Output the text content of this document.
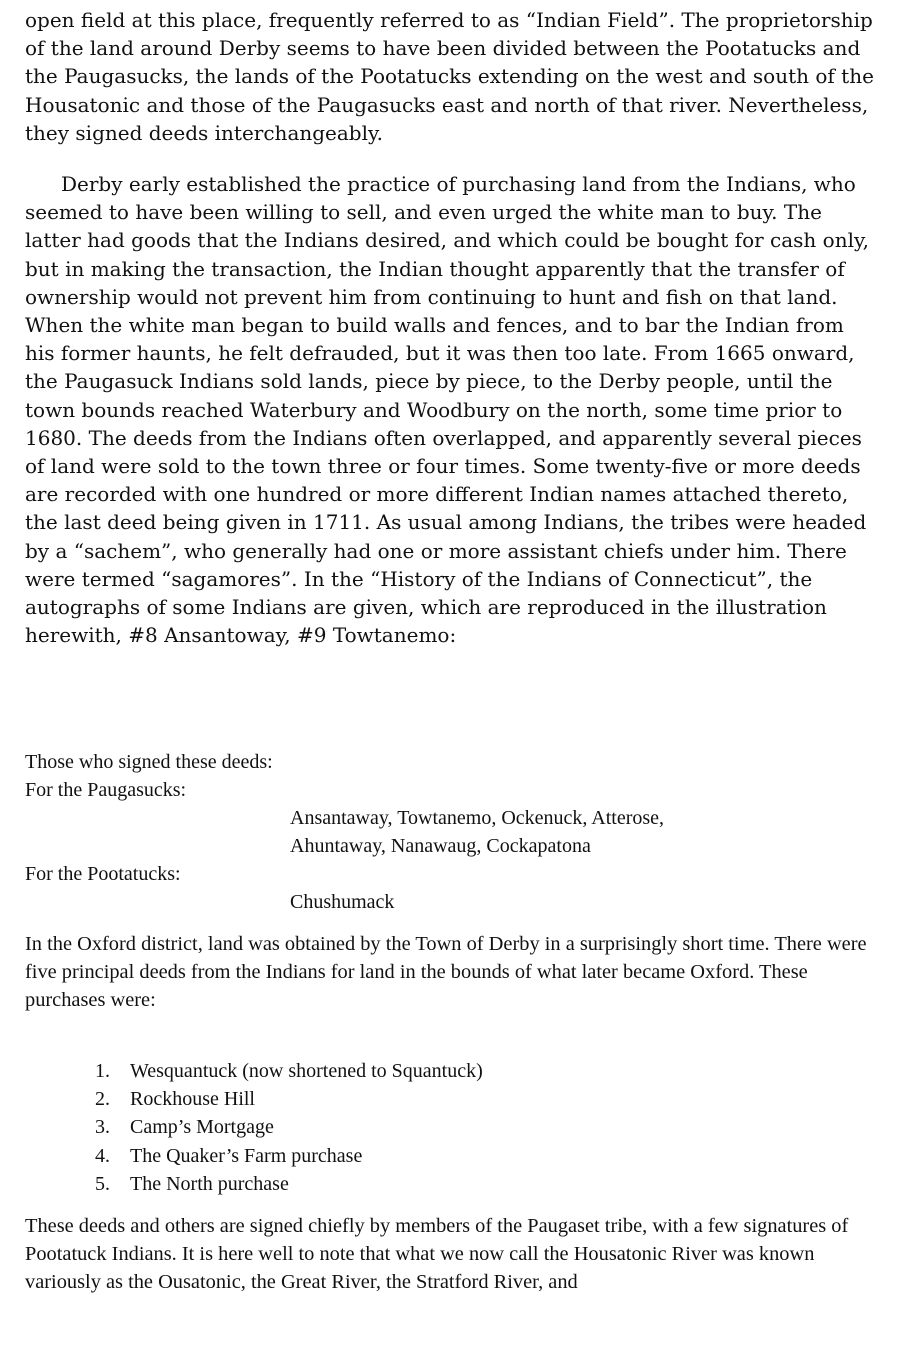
open field at this place, frequently referred to as “Indian Field”. The proprietorship of the land around Derby seems to have been divided between the Pootatucks and the Paugasucks, the lands of the Pootatucks extending on the west and south of the Housatonic and those of the Paugasucks east and north of that river. Nevertheless, they signed deeds interchangeably.

Derby early established the practice of purchasing land from the Indians, who seemed to have been willing to sell, and even urged the white man to buy. The latter had goods that the Indians desired, and which could be bought for cash only, but in making the transaction, the Indian thought apparently that the transfer of ownership would not prevent him from continuing to hunt and fish on that land. When the white man began to build walls and fences, and to bar the Indian from his former haunts, he felt defrauded, but it was then too late. From 1665 onward, the Paugasuck Indians sold lands, piece by piece, to the Derby people, until the town bounds reached Waterbury and Woodbury on the north, some time prior to 1680. The deeds from the Indians often overlapped, and apparently several pieces of land were sold to the town three or four times. Some twenty-five or more deeds are recorded with one hundred or more different Indian names attached thereto, the last deed being given in 1711. As usual among Indians, the tribes were headed by a “sachem”, who generally had one or more assistant chiefs under him. There were termed “sagamores”. In the “History of the Indians of Connecticut”, the autographs of some Indians are given, which are reproduced in the illustration herewith, #8 Ansantoway, #9 Towtanemo:

Those who signed these deeds:

For the Paugasucks:

Ansantaway, Towtanemo, Ockenuck, Atterose,
Ahuntaway, Nanawaug, Cockapatona

For the Pootatucks:

Chushumack

In the Oxford district, land was obtained by the Town of Derby in a surprisingly short time. There were five principal deeds from the Indians for land in the bounds of what later became Oxford. These purchases were:

1.	Wesquantuck (now shortened to Squantuck)
2.	Rockhouse Hill
3.	Camp’s Mortgage
4.	The Quaker’s Farm purchase
5.	The North purchase

These deeds and others are signed chiefly by members of the Paugaset tribe, with a few signatures of Pootatuck Indians. It is here well to note that what we now call the Housatonic River was known variously as the Ousatonic, the Great River, the Stratford River, and
